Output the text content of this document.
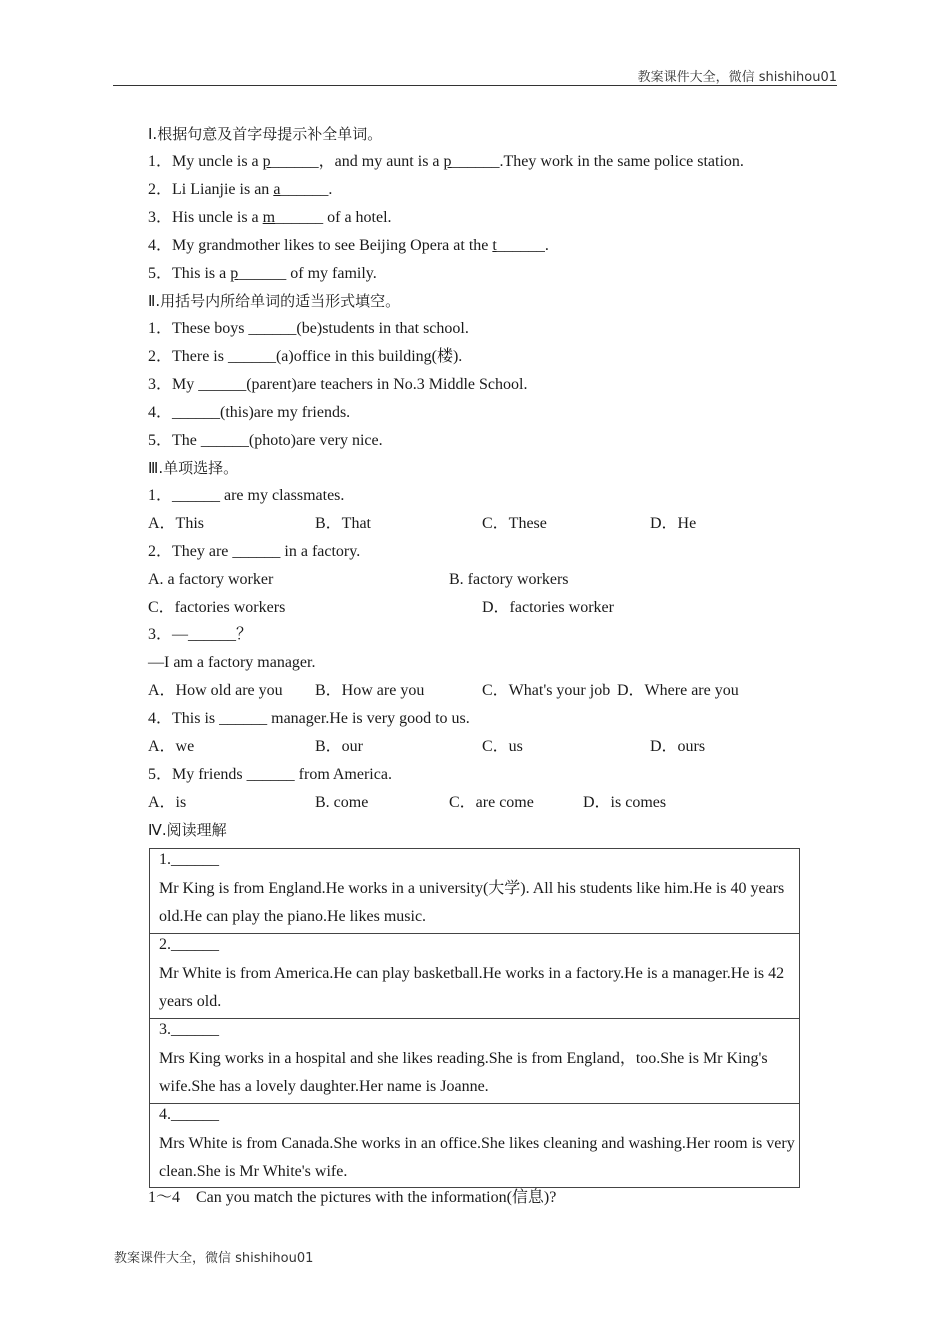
教案课件大全，微信 shishihou01
Ⅰ.根据句意及首字母提示补全单词。
1．My uncle is a p______，and my aunt is a p______.They work in the same police station.
2．Li Lianjie is an a______.
3．His uncle is a m______ of a hotel.
4．My grandmother likes to see Beijing Opera at the t______.
5．This is a p______ of my family.
Ⅱ.用括号内所给单词的适当形式填空。
1．These boys ______(be)students in that school.
2．There is ______(a)office in this building(楼).
3．My ______(parent)are teachers in No.3 Middle School.
4．______(this)are my friends.
5．The ______(photo)are very nice.
Ⅲ.单项选择。
1．______ are my classmates.
A．This	B．That	C．These	D．He
2．They are ______ in a factory.
A. a factory worker	B. factory workers
C．factories workers	D．factories worker
3．—______？
—I am a factory manager.
A．How old are you B．How are you	C．What's your job D．Where are you
4．This is ______ manager.He is very good to us.
A．we	B．our	C．us	D．ours
5．My friends ______ from America.
A．is	B. come	C．are come	D．is comes
Ⅳ.阅读理解
1.______
Mr King is from England.He works in a university(大学). All his students like him.He is 40 years old.He can play the piano.He likes music.
2.______
Mr White is from America.He can play basketball.He works in a factory.He is a manager.He is 42 years old.
3.______
Mrs King works in a hospital and she likes reading.She is from England，too.She is Mr King's wife.She has a lovely daughter.Her name is Joanne.
4.______
Mrs White is from Canada.She works in an office.She likes cleaning and washing.Her room is very clean.She is Mr White's wife.
1～4　Can you match the pictures with the information(信息)?
教案课件大全，微信 shishihou01
